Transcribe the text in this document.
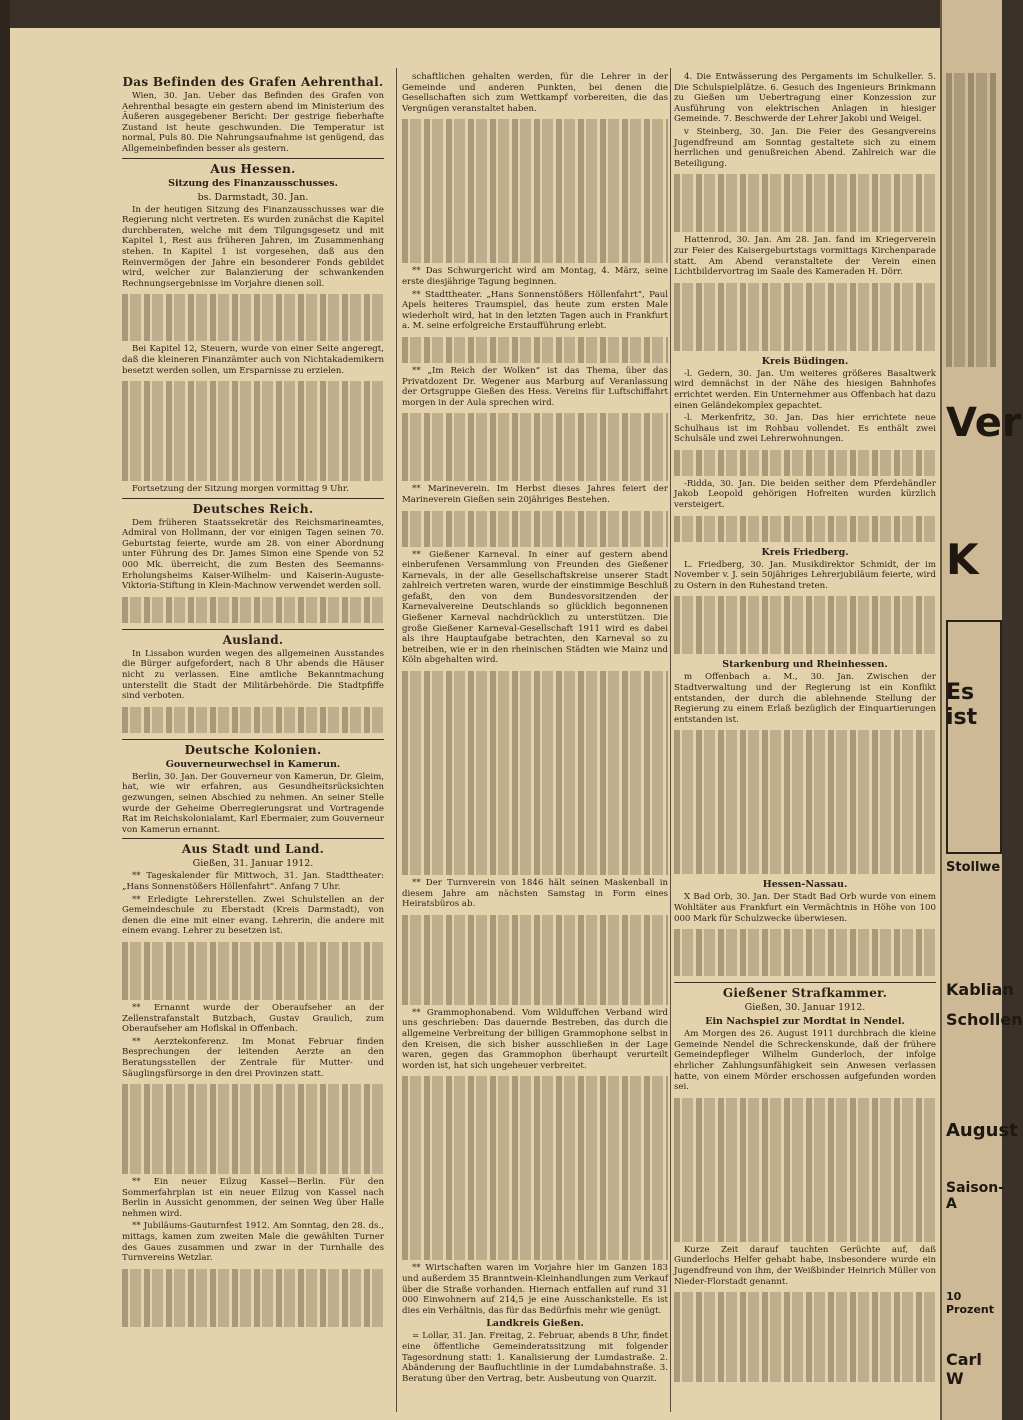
Das Befinden des Grafen Aehrenthal.

Wien, 30. Jan. Ueber das Befinden des Grafen von Aehrenthal besagte ein gestern abend im Ministerium des Äußeren ausgegebener Bericht: Der gestrige fieberhafte Zustand ist heute geschwunden. Die Temperatur ist normal, Puls 80. Die Nahrungsaufnahme ist genügend, das Allgemeinbefinden besser als gestern.

Aus Hessen.
Sitzung des Finanzausschusses.
bs. Darmstadt, 30. Jan.

In der heutigen Sitzung des Finanzausschusses war die Regierung nicht vertreten. Es wurden zunächst die Kapitel durchberaten, welche mit dem Tilgungsgesetz und mit Kapitel 1, Rest aus früheren Jahren, im Zusammenhang stehen. In Kapitel 1 ist vorgesehen, daß aus den Reinvermögen der Jahre ein besonderer Fonds gebildet wird, welcher zur Balanzierung der schwankenden Rechnungsergebnisse im Vorjahre dienen soll.

Bei Kapitel 12, Steuern, wurde von einer Seite angeregt, daß die kleineren Finanzämter auch von Nichtakademikern besetzt werden sollen, um Ersparnisse zu erzielen.

Fortsetzung der Sitzung morgen vormittag 9 Uhr.

Deutsches Reich.

Dem früheren Staatssekretär des Reichsmarineamtes, Admiral von Hollmann, der vor einigen Tagen seinen 70. Geburtstag feierte, wurde am 28. von einer Abordnung unter Führung des Dr. James Simon eine Spende von 52 000 Mk. überreicht, die zum Besten des Seemanns-Erholungsheims Kaiser-Wilhelm- und Kaiserin-Auguste-Viktoria-Stiftung in Klein-Machnow verwendet werden soll.

Ausland.

In Lissabon wurden wegen des allgemeinen Ausstandes die Bürger aufgefordert, nach 8 Uhr abends die Häuser nicht zu verlassen. Eine amtliche Bekanntmachung unterstellt die Stadt der Militärbehörde. Die Stadtpfiffe sind verboten.

Deutsche Kolonien.
Gouverneurwechsel in Kamerun.

Berlin, 30. Jan. Der Gouverneur von Kamerun, Dr. Gleim, hat, wie wir erfahren, aus Gesundheitsrücksichten gezwungen, seinen Abschied zu nehmen. An seiner Stelle wurde der Geheime Oberregierungsrat und Vortragende Rat im Reichskolonialamt, Karl Ebermaier, zum Gouverneur von Kamerun ernannt.

Aus Stadt und Land.
Gießen, 31. Januar 1912.

** Tageskalender für Mittwoch, 31. Jan. Stadttheater: „Hans Sonnenstößers Höllenfahrt“. Anfang 7 Uhr.

** Erledigte Lehrerstellen. Zwei Schulstellen an der Gemeindeschule zu Eberstadt (Kreis Darmstadt), von denen die eine mit einer evang. Lehrerin, die andere mit einem evang. Lehrer zu besetzen ist.

** Ernannt wurde der Oberaufseher an der Zellenstrafanstalt Butzbach, Gustav Graulich, zum Oberaufseher am Hoflskal in Offenbach.

** Aerztekonferenz. Im Monat Februar finden Besprechungen der leitenden Aerzte an den Beratungsstellen der Zentrale für Mutter- und Säuglingsfürsorge in den drei Provinzen statt.

** Ein neuer Eilzug Kassel—Berlin. Für den Sommerfahrplan ist ein neuer Eilzug von Kassel nach Berlin in Aussicht genommen, der seinen Weg über Halle nehmen wird.

** Jubiläums-Gauturnfest 1912. Am Sonntag, den 28. ds., mittags, kamen zum zweiten Male die gewählten Turner des Gaues zusammen und zwar in der Turnhalle des Turnvereins Wetzlar.

schaftlichen gehalten werden, für die Lehrer in der Gemeinde und anderen Punkten, bei denen die Gesellschaften sich zum Wettkampf vorbereiten, die das Vergnügen veranstaltet haben.

** Das Schwurgericht wird am Montag, 4. März, seine erste diesjährige Tagung beginnen.

** Stadttheater. „Hans Sonnenstößers Höllenfahrt“, Paul Apels heiteres Traumspiel, das heute zum ersten Male wiederholt wird, hat in den letzten Tagen auch in Frankfurt a. M. seine erfolgreiche Erstaufführung erlebt.

** „Im Reich der Wolken“ ist das Thema, über das Privatdozent Dr. Wegener aus Marburg auf Veranlassung der Ortsgruppe Gießen des Hess. Vereins für Luftschiffahrt morgen in der Aula sprechen wird.

** Marineverein. Im Herbst dieses Jahres feiert der Marineverein Gießen sein 20jähriges Bestehen.

** Gießener Karneval. In einer auf gestern abend einberufenen Versammlung von Freunden des Gießener Karnevals, in der alle Gesellschaftskreise unserer Stadt zahlreich vertreten waren, wurde der einstimmige Beschluß gefaßt, den von dem Bundesvorsitzenden der Karnevalvereine Deutschlands so glücklich begonnenen Gießener Karneval nachdrücklich zu unterstützen. Die große Gießener Karneval-Gesellschaft 1911 wird es dabei als ihre Hauptaufgabe betrachten, den Karneval so zu betreiben, wie er in den rheinischen Städten wie Mainz und Köln abgehalten wird.

** Der Turnverein von 1846 hält seinen Maskenball in diesem Jahre am nächsten Samstag in Form eines Heiratsbüros ab.

** Grammophonabend. Vom Wilduffchen Verband wird uns geschrieben: Das dauernde Bestreben, das durch die allgemeine Verbreitung der billigen Grammophone selbst in den Kreisen, die sich bisher ausschließen in der Lage waren, gegen das Grammophon überhaupt verurteilt worden ist, hat sich ungeheuer verbreitet.

** Wirtschaften waren im Vorjahre hier im Ganzen 183 und außerdem 35 Branntwein-Kleinhandlungen zum Verkauf über die Straße vorhanden. Hiernach entfallen auf rund 31 000 Einwohnern auf 214,5 je eine Ausschankstelle. Es ist dies ein Verhältnis, das für das Bedürfnis mehr wie genügt.

Landkreis Gießen.

= Lollar, 31. Jan. Freitag, 2. Februar, abends 8 Uhr, findet eine öffentliche Gemeinderatssitzung mit folgender Tagesordnung statt: 1. Kanalisierung der Lumdastraße. 2. Abänderung der Baufluchtlinie in der Lumdabahnstraße. 3. Beratung über den Vertrag, betr. Ausbeutung von Quarzit.

4. Die Entwässerung des Pergaments im Schulkeller. 5. Die Schulspielplätze. 6. Gesuch des Ingenieurs Brinkmann zu Gießen um Uebertragung einer Konzession zur Ausführung von elektrischen Anlagen in hiesiger Gemeinde. 7. Beschwerde der Lehrer Jakobi und Weigel.

v Steinberg, 30. Jan. Die Feier des Gesangvereins Jugendfreund am Sonntag gestaltete sich zu einem herrlichen und genußreichen Abend. Zahlreich war die Beteiligung.

Hattenrod, 30. Jan. Am 28. Jan. fand im Kriegerverein zur Feier des Kaisergeburtstags vormittags Kirchenparade statt. Am Abend veranstaltete der Verein einen Lichtbildervortrag im Saale des Kameraden H. Dörr.

Kreis Büdingen.

-l. Gedern, 30. Jan. Um weiteres größeres Basaltwerk wird demnächst in der Nähe des hiesigen Bahnhofes errichtet werden. Ein Unternehmer aus Offenbach hat dazu einen Geländekomplex gepachtet.

-l. Merkenfritz, 30. Jan. Das hier errichtete neue Schulhaus ist im Rohbau vollendet. Es enthält zwei Schulsäle und zwei Lehrerwohnungen.

-Ridda, 30. Jan. Die beiden seither dem Pferdehändler Jakob Leopold gehörigen Hofreiten wurden kürzlich versteigert.

Kreis Friedberg.

L. Friedberg, 30. Jan. Musikdirektor Schmidt, der im November v. J. sein 50jähriges Lehrerjubiläum feierte, wird zu Ostern in den Ruhestand treten.

Starkenburg und Rheinhessen.

m Offenbach a. M., 30. Jan. Zwischen der Stadtverwaltung und der Regierung ist ein Konflikt entstanden, der durch die ablehnende Stellung der Regierung zu einem Erlaß bezüglich der Einquartierungen entstanden ist.

Hessen-Nassau.

X Bad Orb, 30. Jan. Der Stadt Bad Orb wurde von einem Wohltäter aus Frankfurt ein Vermächtnis in Höhe von 100 000 Mark für Schulzwecke überwiesen.

Gießener Strafkammer.
Gießen, 30. Januar 1912.
Ein Nachspiel zur Mordtat in Nendel.

Am Morgen des 26. August 1911 durchbrach die kleine Gemeinde Nendel die Schreckenskunde, daß der frühere Gemeindepfleger Wilhelm Gunderloch, der infolge ehrlicher Zahlungsunfähigkeit sein Anwesen verlassen hatte, von einem Mörder erschossen aufgefunden worden sei.

Kurze Zeit darauf tauchten Gerüchte auf, daß Gunderlochs Helfer gehabt habe, insbesondere wurde ein Jugendfreund von ihm, der Weißbinder Heinrich Müller von Nieder-Florstadt genannt.

Ver
K
Es ist
Stollwe
Kablian
Schollen
August
Saison-A
10 Prozent
Carl W
